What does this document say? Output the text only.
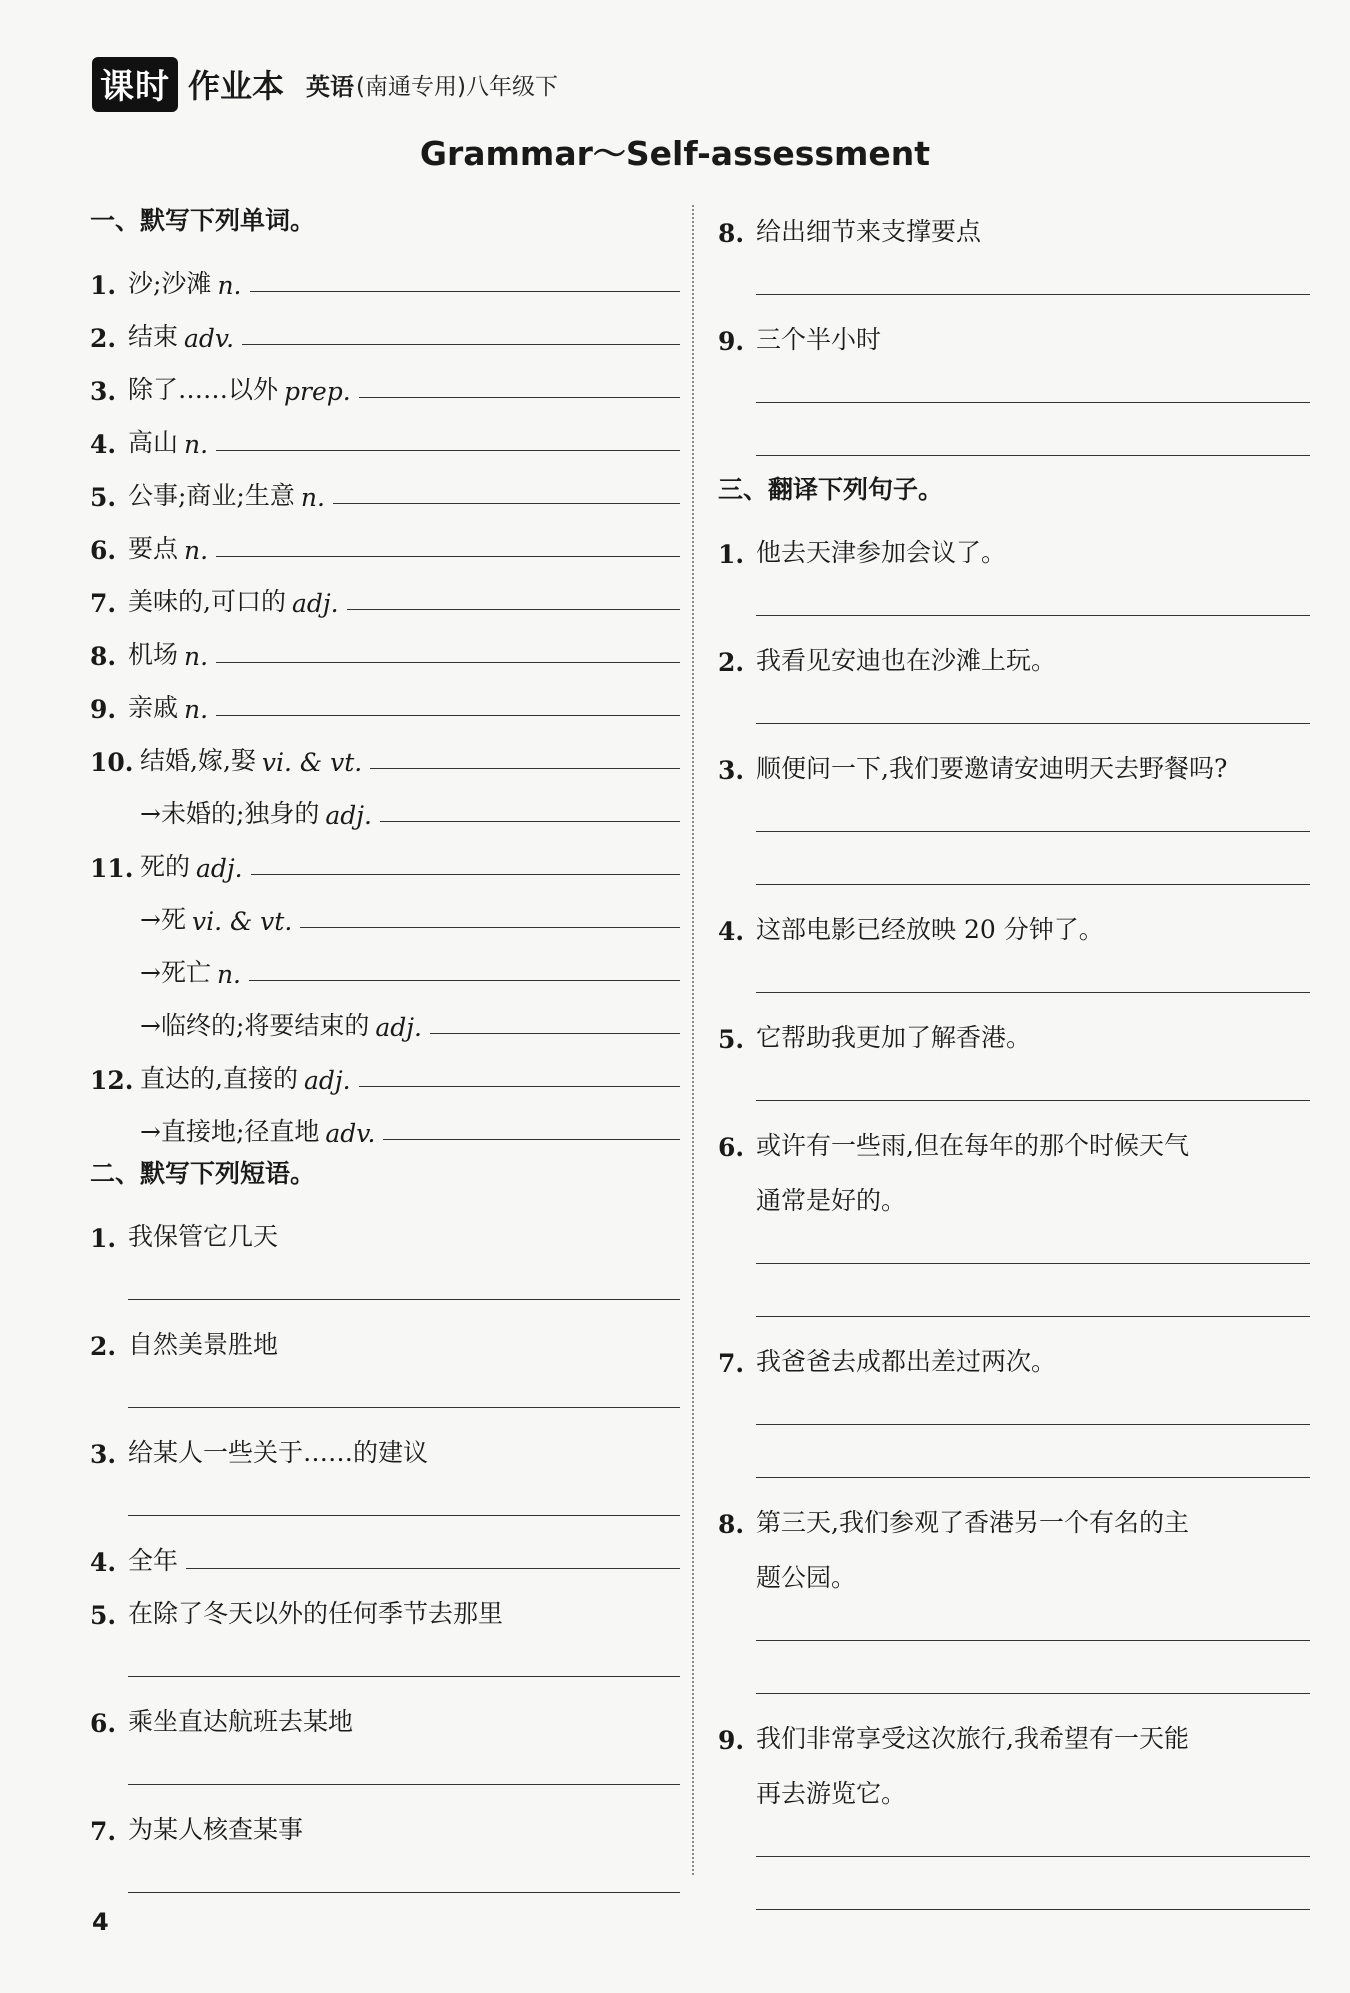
课时 作业本 英语 (南通专用)八年级下
Grammar～Self-assessment
一、默写下列单词。
1. 沙;沙滩 n.
2. 结束 adv.
3. 除了……以外 prep.
4. 高山 n.
5. 公事;商业;生意 n.
6. 要点 n.
7. 美味的,可口的 adj.
8. 机场 n.
9. 亲戚 n.
10. 结婚,嫁,娶 vi. & vt.
→未婚的;独身的 adj.
11. 死的 adj.
→死 vi. & vt.
→死亡 n.
→临终的;将要结束的 adj.
12. 直达的,直接的 adj.
→直接地;径直地 adv.
二、默写下列短语。
1. 我保管它几天
2. 自然美景胜地
3. 给某人一些关于……的建议
4. 全年
5. 在除了冬天以外的任何季节去那里
6. 乘坐直达航班去某地
7. 为某人核查某事
8. 给出细节来支撑要点
9. 三个半小时
三、翻译下列句子。
1. 他去天津参加会议了。
2. 我看见安迪也在沙滩上玩。
3. 顺便问一下,我们要邀请安迪明天去野餐吗?
4. 这部电影已经放映 20 分钟了。
5. 它帮助我更加了解香港。
6. 或许有一些雨,但在每年的那个时候天气
通常是好的。
7. 我爸爸去成都出差过两次。
8. 第三天,我们参观了香港另一个有名的主
题公园。
9. 我们非常享受这次旅行,我希望有一天能
再去游览它。
4
